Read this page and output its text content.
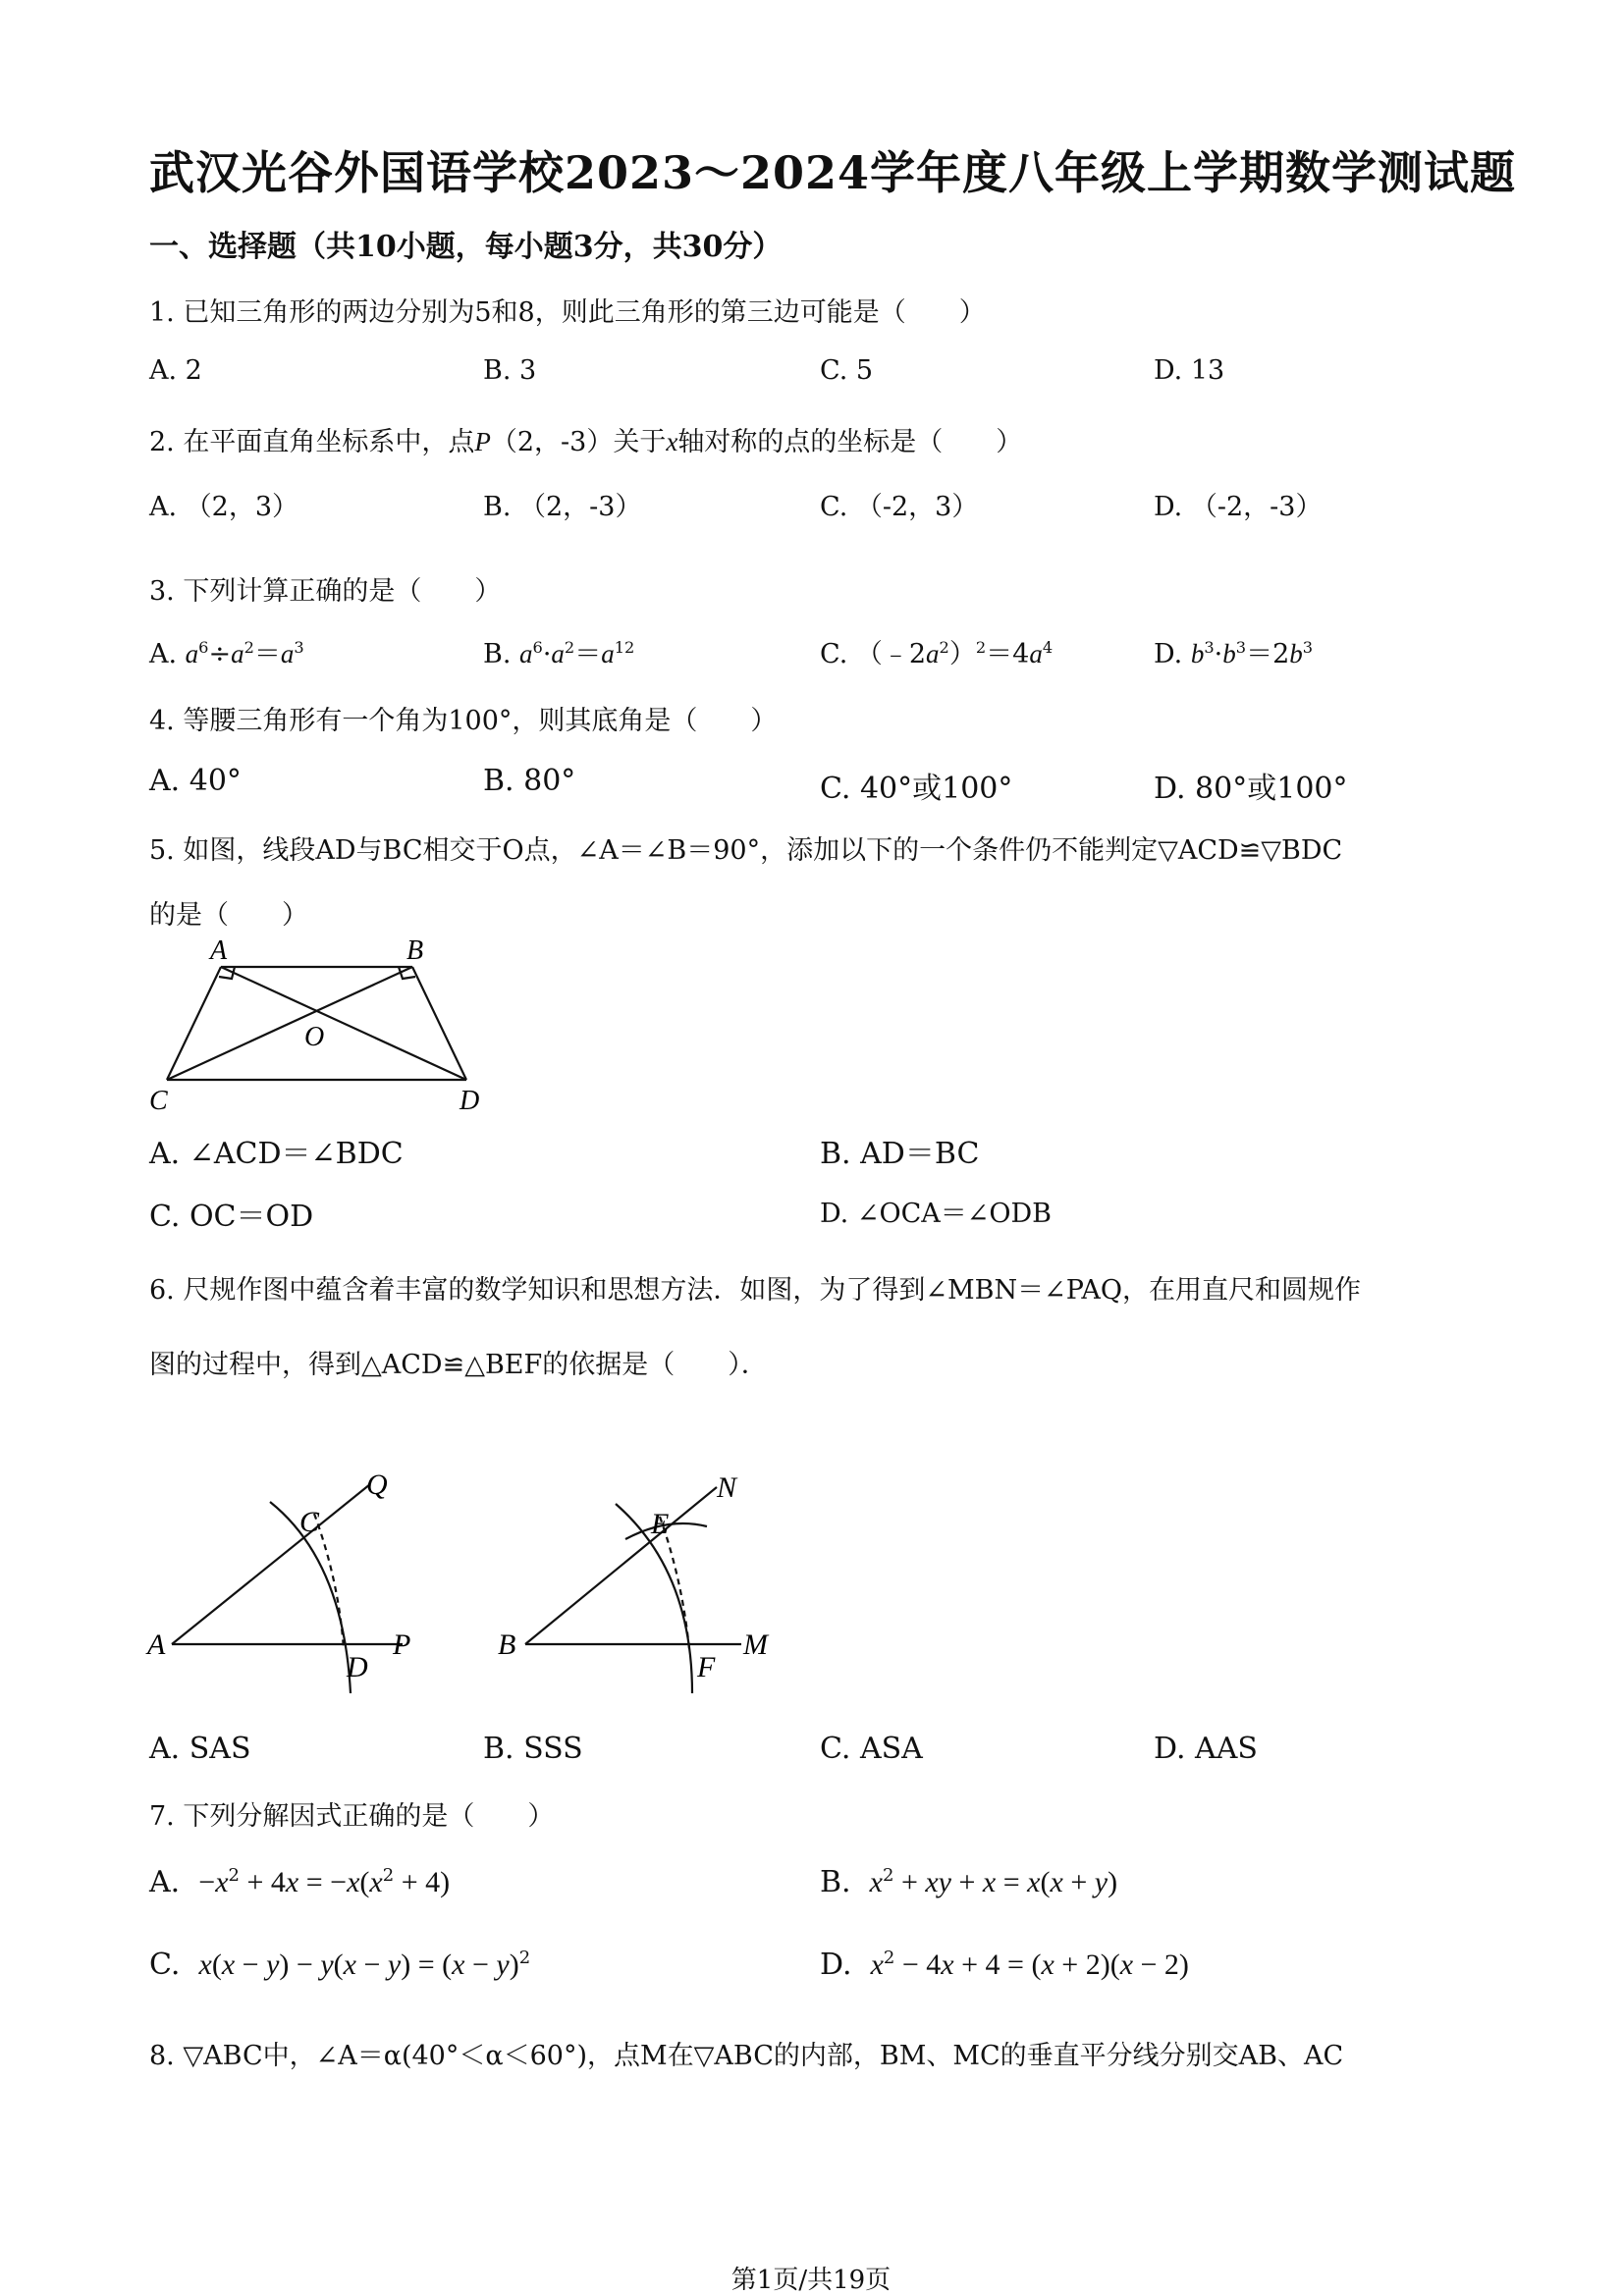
武汉光谷外国语学校2023～2024学年度八年级上学期数学测试题
一、选择题（共10小题，每小题3分，共30分）
1. 已知三角形的两边分别为5和8，则此三角形的第三边可能是（　　）
A. 2	B. 3	C. 5	D. 13
2. 在平面直角坐标系中，点P（2，-3）关于x轴对称的点的坐标是（　　）
A. （2，3）	B. （2，-3）	C. （-2，3）	D. （-2，-3）
3. 下列计算正确的是（　　）
A. $a^6\div a^2=a^3$	B. $a^6\cdot a^2=a^{12}$	C. $(﹣2a^2)^2=4a^4$	D. $b^3\cdot b^3=2b^3$
4. 等腰三角形有一个角为100°，则其底角是（　　）
A. 40°	B. 80°	C. 40°或100°	D. 80°或100°
5. 如图，线段AD与BC相交于O点，∠A＝∠B＝90°，添加以下的一个条件仍不能判定▽ACD≌▽BDC
的是（　　）
A	B
O
C	D
A. ∠ACD＝∠BDC	B. AD＝BC
C. OC＝OD	D. ∠OCA＝∠ODB
6. 尺规作图中蕴含着丰富的数学知识和思想方法．如图，为了得到∠MBN＝∠PAQ，在用直尺和圆规作
图的过程中，得到△ACD≌△BEF的依据是（　　）．
Q
C
A
D
P
N
E
B
F
M
A. SAS	B. SSS	C. ASA	D. AAS
7. 下列分解因式正确的是（　　）
A.  $-x^2 + 4x = -x(x^2 + 4)$	B.  $x^2$ + xy + x = x(x + y)
C.  $x(x - y) - y(x - y) = (x - y)^2$	D.  $x^2 - 4x + 4 = (x + 2)(x - 2)$
8. ▽ABC中，∠A＝α(40°＜α＜60°)，点M在▽ABC的内部，BM、MC的垂直平分线分别交AB、AC
第1页/共19页
